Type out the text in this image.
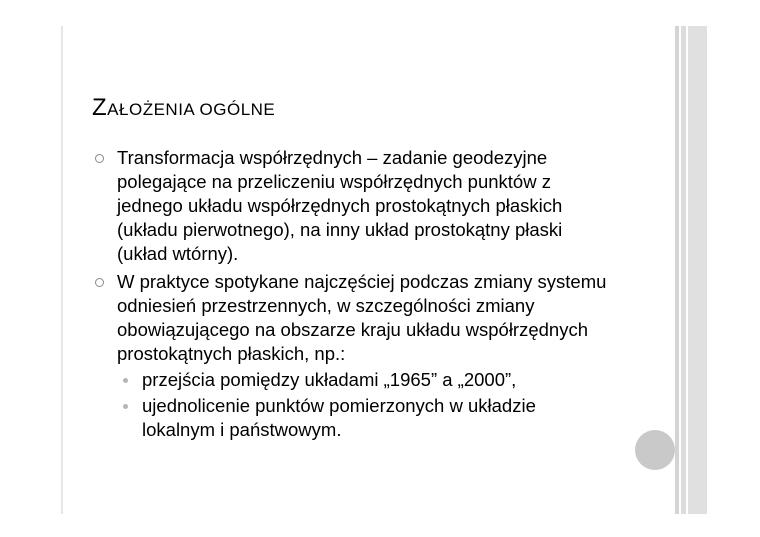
ZAŁOŻENIA OGÓLNE
Transformacja współrzędnych – zadanie geodezyjne polegające na przeliczeniu współrzędnych punktów z jednego układu współrzędnych prostokątnych płaskich (układu pierwotnego), na inny układ prostokątny płaski (układ wtórny).
W praktyce spotykane najczęściej podczas zmiany systemu odniesień przestrzennych, w szczególności zmiany obowiązującego na obszarze kraju układu współrzędnych prostokątnych płaskich, np.:
przejścia pomiędzy układami „1965” a „2000”,
ujednolicenie punktów pomierzonych w układzie lokalnym i państwowym.
